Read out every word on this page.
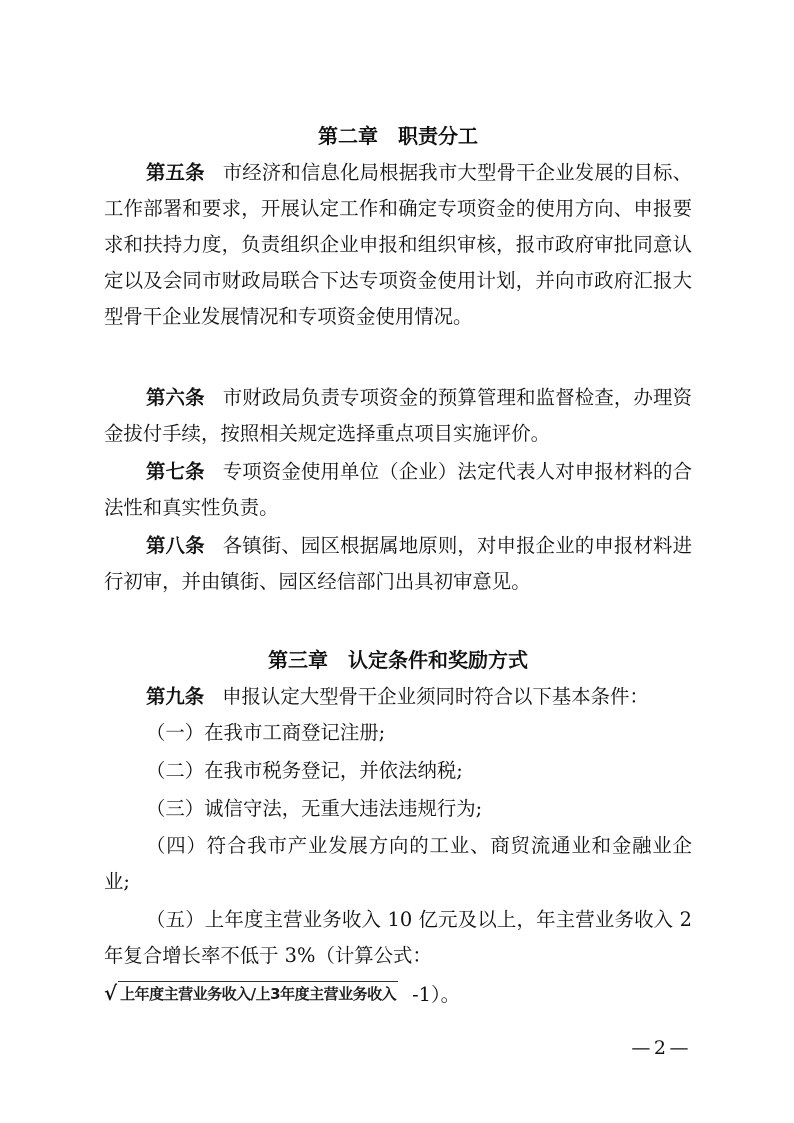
第二章　职责分工
第五条 市经济和信息化局根据我市大型骨干企业发展的目标、工作部署和要求，开展认定工作和确定专项资金的使用方向、申报要求和扶持力度，负责组织企业申报和组织审核，报市政府审批同意认定以及会同市财政局联合下达专项资金使用计划，并向市政府汇报大型骨干企业发展情况和专项资金使用情况。
第六条 市财政局负责专项资金的预算管理和监督检查，办理资金拔付手续，按照相关规定选择重点项目实施评价。
第七条 专项资金使用单位（企业）法定代表人对申报材料的合法性和真实性负责。
第八条 各镇街、园区根据属地原则，对申报企业的申报材料进行初审，并由镇街、园区经信部门出具初审意见。
第三章　认定条件和奖励方式
第九条 申报认定大型骨干企业须同时符合以下基本条件：
（一）在我市工商登记注册;
（二）在我市税务登记，并依法纳税;
（三）诚信守法，无重大违法违规行为;
（四）符合我市产业发展方向的工业、商贸流通业和金融业企业;
（五）上年度主营业务收入 10 亿元及以上，年主营业务收入 2 年复合增长率不低于 3%（计算公式：
√ 上年度主营业务收入/上3年度主营业务收入 -1）。
— 2 —
